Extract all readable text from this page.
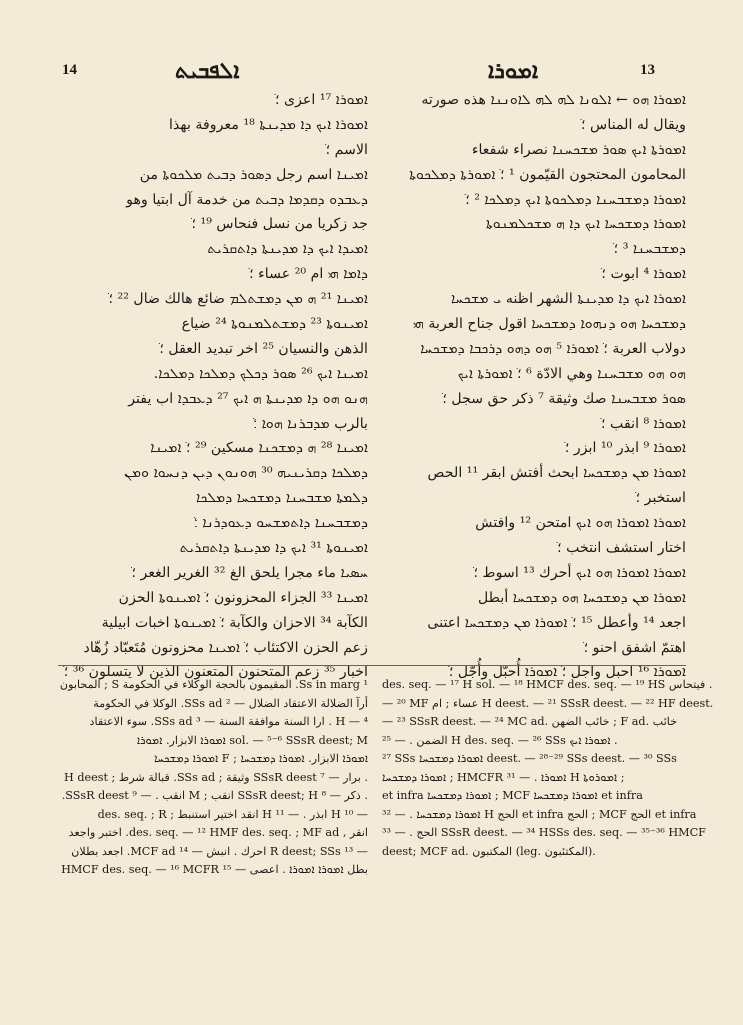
14	ܐܠܦܒܝܬ	ܐܡܘܪܐ	13
ܐܡܘܪܐ ܗܘ ← ܐܠܘܢܐ ܠܗ ܠܗ ܠܐܘܢܢܐ هذه صورته
ويقال له المناس ؛ֹ
ܐܡܘܪܬܐ ܐܝܟ ܣܘܪ ܡܫܟܚܢܐ نصراء شفعاء
المحامون المحتجون القيّمون ‏‎¹ ؛ֹ ܐܡܘܪܬܐ ܕܡܠܟܘܬܐ
ܐܡܘܪܐ ܕܡܫܒܚܢܐ ܕܡܠܟܘܬܐ ܐܝܟ ܕܡܠܟܐ ‏‎² ؛ֹ
ܐܡܘܪܐ ܕܡܫܟܚܐ ܐܝܟ ܕܐ ܗ ܡܫܟܠܡܢܘܬܐ
ܕܡܫܒܚܢܐ ‏‎³ ؛ֹ
ܐܡܘܪܐ ‏‎⁴ ابوت ؛ֹ
ܐܡܘܪܐ ܐܝܟ ܕܐ ܡܕܝܢܬܐ الشهر اظنه ܝ ܡܫܟܚܐ
ܕܡܫܟܚܐ ܗܘ ܕܢܗܘܐ ܕܡܫܟܚܐ اقول جناح العربة ܗܝ
دولاب العربة ؛ֹ ܐܡܘܪܐ ‏‎⁵ ܗܘ ܕܗܘ ܕܪܟܒܐ ܕܡܫܟܚܐ
ܗܘ ܗܘ ܡܫܒܚܢܐ وهي الادّة ‏‎⁶ ؛ֹ ܐܡܘܪܬܐ ܐܝܟ
ܣܘܪ ܡܫܒܚܢܐ صك وثيقة ‏‎⁷ ذكر حق سجل ؛ֹ
ܐܡܘܪܐ ‏‎⁸ انقب ؛ֹ
ܐܡܘܪܐ ‏‎⁹ ابذر ‏‎¹⁰ ابزر ؛ֹ
ܐܡܘܪܐ ܡܢ ܕܡܫܟܚܐ ابحث أفتش ابقر ‏‎¹¹ الحص
استخبر ؛ֹ
ܐܡܘܪܐ ܐܡܘܪܐ ܗܘ ܐܝܟ امتحن ‏‎¹² وافتش
اختار استشف انتخب ؛ֹ
ܐܡܘܪܐ ܐܡܘܪܐ ܗܘ ܐܝܟ أحرك ‏‎¹³ اسوط ؛ֹ
ܐܡܘܪܐ ܡܢ ܕܡܫܟܚܐ ܗܘ ܕܡܫܟܚܐ أبطل
اجعد ‏‎¹⁴ وأعطل ‏‎¹⁵ ؛ֹ ܐܡܘܪܐ ܡܢ ܕܡܫܟܚܐ اعتنى
اهتمّ اشفق احنو ؛ֹ
ܐܡܘܪܐ ‏‎¹⁶ احبل واجل ؛ֹ ܐܡܘܪܐ أُحبّل وأُجّل ؛ֹ
ܐܡܘܪܐ ‏‎¹⁷ اعزى ؛ֹ
ܐܡܘܪܐ ܐܝܟ ܕܐ ܡܕܝܢܬܐ ‏‎¹⁸ معروفة بهذا
الاسم ؛ֹ
ܐܡܝܢܐ اسم رجل ܕܣܘܪ ܕܒܝܬ ܡܠܟܘܬܐ من
ܕܥܒܕܘ ܕܩܕܡܐ ܕܒܝܬ من خدمة آل ابتيا وهو
جد زكريا من نسل فنحاس ‏‎¹⁹ ؛ֹ
ܐܡܝܕܐ ܐܝܟ ܕܐ ܡܕܝܢܬܐ ܕܐܬܩܪܝܬ
ܕܐܡܐ ܗܝ ام ‏‎²⁰ عساء ؛ֹ
ܐܡܝܢܐ ‏‎²¹ ܗ ܡܢ ܕܡܫܬܠܡ ضائع هالك ضال ‏‎²² ؛ֹ
ܐܡܝܢܘܬܐ ‏‎²³ ܕܡܫܬܠܡܢܘܬܐ ‏‎²⁴ ضياع
الذهن والنسيان ‏‎²⁵ اخر تبديد العقل ؛ֹ
ܐܡܝܢܐ ܐܝܟ ‏‎²⁶ ܣܘܪ ܕܟܠܟ ܕܡܠܟܐ ܕܡܠܟܐ.
ܗܢܘ ܗܘ ܕܐ ܡܕܝܢܬܐ ܗ ܐܝܟ ‏‎²⁷ ܕܥܒܕܐ اب يفتر
بالرب ܡܕܒܪܢܐ ܗܘܐ ؛ֹ
ܐܡܝܢܐ ‏‎²⁸ ܗ ܕܡܫܟܢܐ مسكين ‏‎²⁹ ؛ֹ ܐܡܝܢܐ
ܕܡܠܟܐ ܕܩܪܝܢܝܗ ‏‎³⁰ ܗܘܢܘܢ ܕܝܢ ܕܢܚܘܐ ܘܡܢ
ܕܠܡܬܐ ܡܫܒܚܢܐ ܕܡܫܟܚܐ ܕܡܠܟܐ
ܕܡܫܒܚܢܐ ܕܐܬܡܫܚܘ ܕܥܘܕܪܢܐ ؛ֹ
ܐܡܝܢܘܬܐ ‏‎³¹ ܐܝܟ ܕܐ ܡܕܝܢܬܐ ܕܐܬܩܪܝܬ
ܚܣܝܐ ماء مجرا يلحق الغ ‏‎³² الغرير الغعر ؛ֹ
ܐܡܝܢܐ ‏‎³³ الجزاء المحزونون ؛ֹ ܐܡܝܢܘܬܐ الحزن
الكآبة ‏‎³⁴ الاحزان والكآبة ؛ֹ ܐܡܝܢܘܬܐ اخبات ابيلية
زعم الحزن الاكتئاب ؛ֹ ܐܡܝܢܐ محزونون مُتَعبّاد زُهّاد
اخبار ‏‎³⁵ زعم المتحنون المتعنون الذين لا يتسلون ‏‎³⁶ ؛ֹ
¹ Ss in marg. المقيمون بالحجة الوكلاء في الحكومة S ; المحابون
أرآ الضلالة الاعتقاد الضلال — ² SSs ad. الوكلا في الحكومة
H — ⁴ . ارا السنة موافقة السنة — ³ SSs ad. سوء الاعتقاد
sol. — ⁵⁻⁶ SSsR deest; M ܐܡܘܪܐ الابزار. ܐܡܘܪܐ
ܐܡܘܪܐ الابزار. ܐܡܘܪܐ ܕܡܫܟܚܐ ; F ܐܡܘܪܐ ܕܡܫܟܚܐ
. برار — ⁷ SSsR deest وثيقة ; SSs ad. قبالة شرط ; H deest
. ذكر — ⁸ SSsR deest; H انقب ; M انقب . — ⁹ SSsR deest.
— ¹⁰ H ابذر . — ¹¹ H انقد اختير استنبط ; des. seq. ; R
انقر , des. seq. — ¹² HMF des. seq. ; MF ad. اختبر واجعد
— ¹³ R deest; SSs احرك . انبش — ¹⁴ MCF ad. اجعد بطلان
بطل ܐܡܘܪܐ ܐܡܘܪܐ . اعصى — ¹⁵ HMCF des. seq. — ¹⁶ MCFR
des. seq. — ¹⁷ H sol. — ¹⁸ HMCF des. seq. — ¹⁹ HS فيتحاس .
— ²⁰ MF عساء ; ام H deest. — ²¹ SSsR deest. — ²² HF deest.
— ²³ SSsR deest. — ²⁴ MC ad. خائب الضهن ; F ad. خائب
الضمن . — ²⁵ H des. seq. — ²⁶ SSs ܐܡܘܪܐ ܐܝܟ .
²⁷ SSs ܐܡܘܪܐ ܕܡܫܟܚܐ deest. — ²⁸⁻²⁹ SSs deest. — ³⁰ SSs
ܐܡܘܪܐ ܕܡܫܟܚܐ ; HMCFR ܐܡܘܪܐ . — ³¹ H ܐܡܘܪܘܬܐ ;
et infra ܐܡܘܪܐ ܕܡܫܟܚܐ ; MCF ܐܡܘܪܐ ܕܡܫܟܚܐ et infra
ܐܡܘܪܐ ܕܡܫܟܚܐ . — ³² H الحج et infra الحج ; MCF الحج et infra
الحج . — ³³ SSsR deest. — ³⁴ HSSs des. seq. — ³⁵⁻³⁶ HMCF
deest; MCF ad. المكتبون (leg. المكتئبون).
